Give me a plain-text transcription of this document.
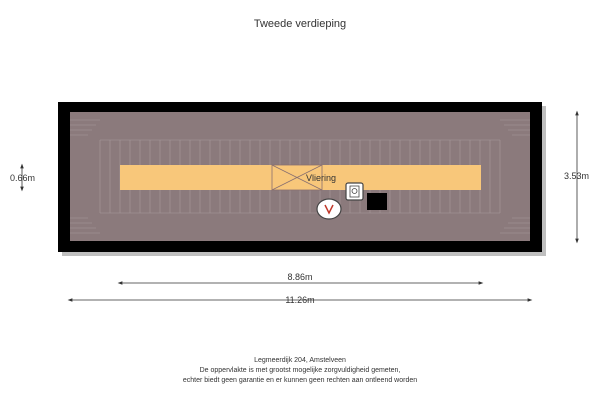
Tweede verdieping
Vliering
0.66m	3.53m
8.86m
11.26m
Legmeerdijk 204, Amstelveen
De oppervlakte is met grootst mogelijke zorgvuldigheid gemeten,
echter biedt geen garantie en er kunnen geen rechten aan ontleend worden
